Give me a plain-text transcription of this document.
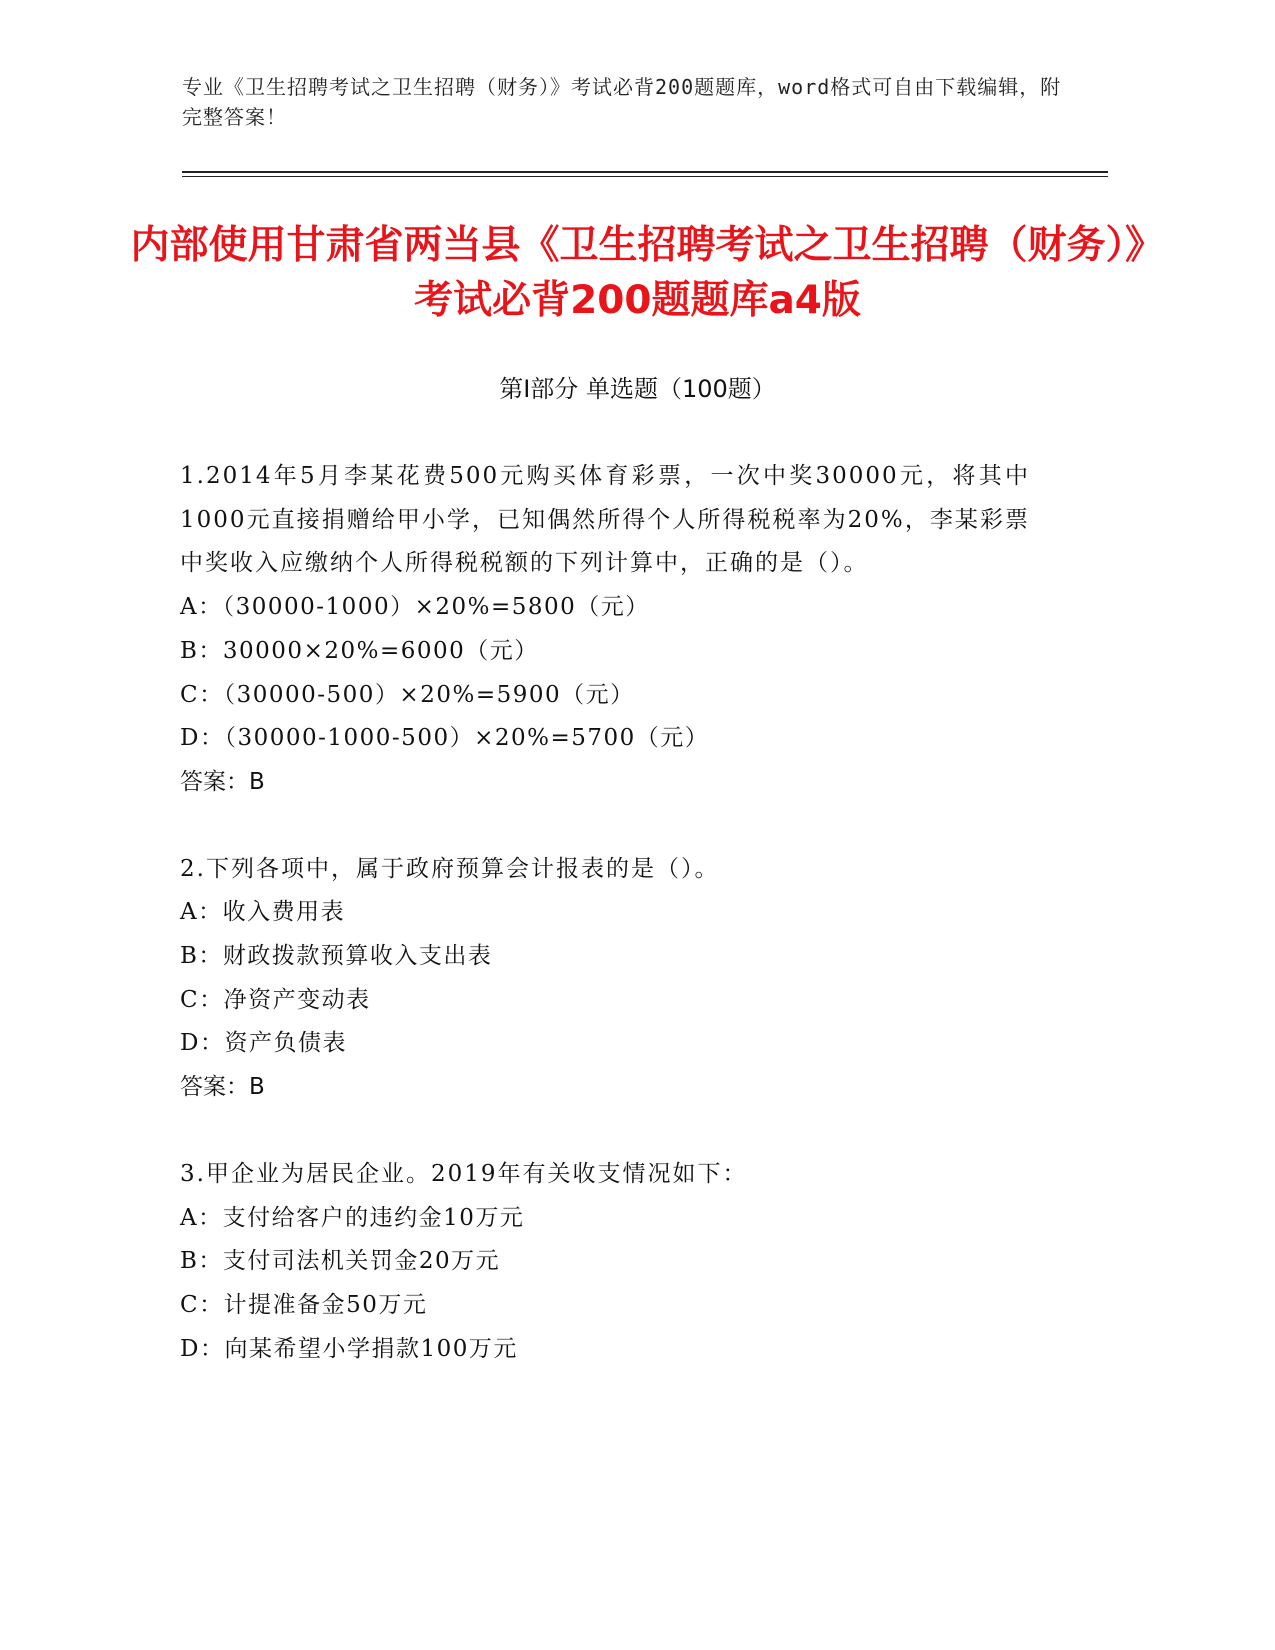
专业《卫生招聘考试之卫生招聘（财务）》考试必背200题题库，word格式可自由下载编辑，附完整答案！
内部使用甘肃省两当县《卫生招聘考试之卫生招聘（财务）》考试必背200题题库a4版
第I部分 单选题（100题）

1.2014年5月李某花费500元购买体育彩票，一次中奖30000元，将其中1000元直接捐赠给甲小学，已知偶然所得个人所得税税率为20%，李某彩票中奖收入应缴纳个人所得税税额的下列计算中，正确的是（）。

A：（30000-1000）×20%=5800（元）

B：30000×20%=6000（元）

C：（30000-500）×20%=5900（元）

D：（30000-1000-500）×20%=5700（元）

答案：B

2.下列各项中，属于政府预算会计报表的是（）。

A：收入费用表

B：财政拨款预算收入支出表

C：净资产变动表

D：资产负债表

答案：B

3.甲企业为居民企业。2019年有关收支情况如下：

A：支付给客户的违约金10万元

B：支付司法机关罚金20万元

C：计提准备金50万元

D：向某希望小学捐款100万元
